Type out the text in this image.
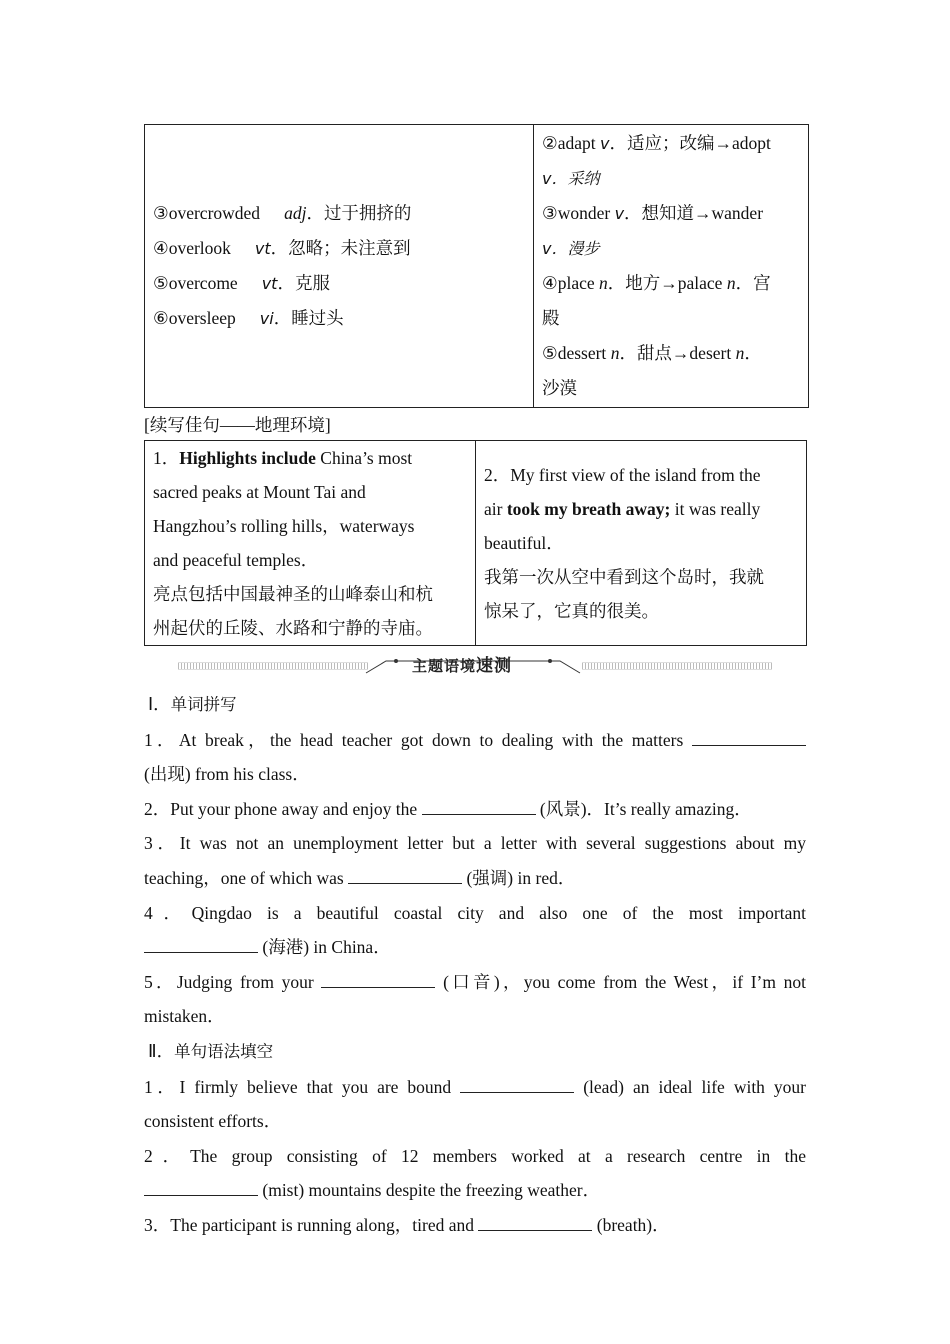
③overcrowded adj．过于拥挤的
④overlook vt．忽略；未注意到
⑤overcome vt．克服
⑥oversleep vi．睡过头

②adapt v．适应；改编→adopt
v．采纳
③wonder v．想知道→wander
v．漫步
④place n．地方→palace n．宫
殿
⑤dessert n．甜点→desert n．
沙漠
[续写佳句——地理环境]
1．Highlights include China’s most
sacred peaks at Mount Tai and
Hangzhou’s rolling hills，waterways
and peaceful temples．
亮点包括中国最神圣的山峰泰山和杭
州起伏的丘陵、水路和宁静的寺庙。

2．My first view of the island from the
air took my breath away; it was really
beautiful．
我第一次从空中看到这个岛时，我就
惊呆了，它真的很美。
主题语境速测
Ⅰ．单词拼写
1．At break，the head teacher got down to dealing with the matters
(出现) from his class．
2．Put your phone away and enjoy the	(风景)．It’s really amazing．
3．It was not an unemployment letter but a letter with several suggestions about my
teaching，one of which was	(强调) in red．
4．Qingdao is a beautiful coastal city and also one of the most important
(海港) in China．
5．Judging from your	(口音)，you come from the West，if I’m not
mistaken．
Ⅱ．单句语法填空
1．I firmly believe that you are bound	(lead) an ideal life with your
consistent efforts．
2．The group consisting of 12 members worked at a research centre in the
(mist) mountains despite the freezing weather．
3．The participant is running along，tired and	(breath)．
